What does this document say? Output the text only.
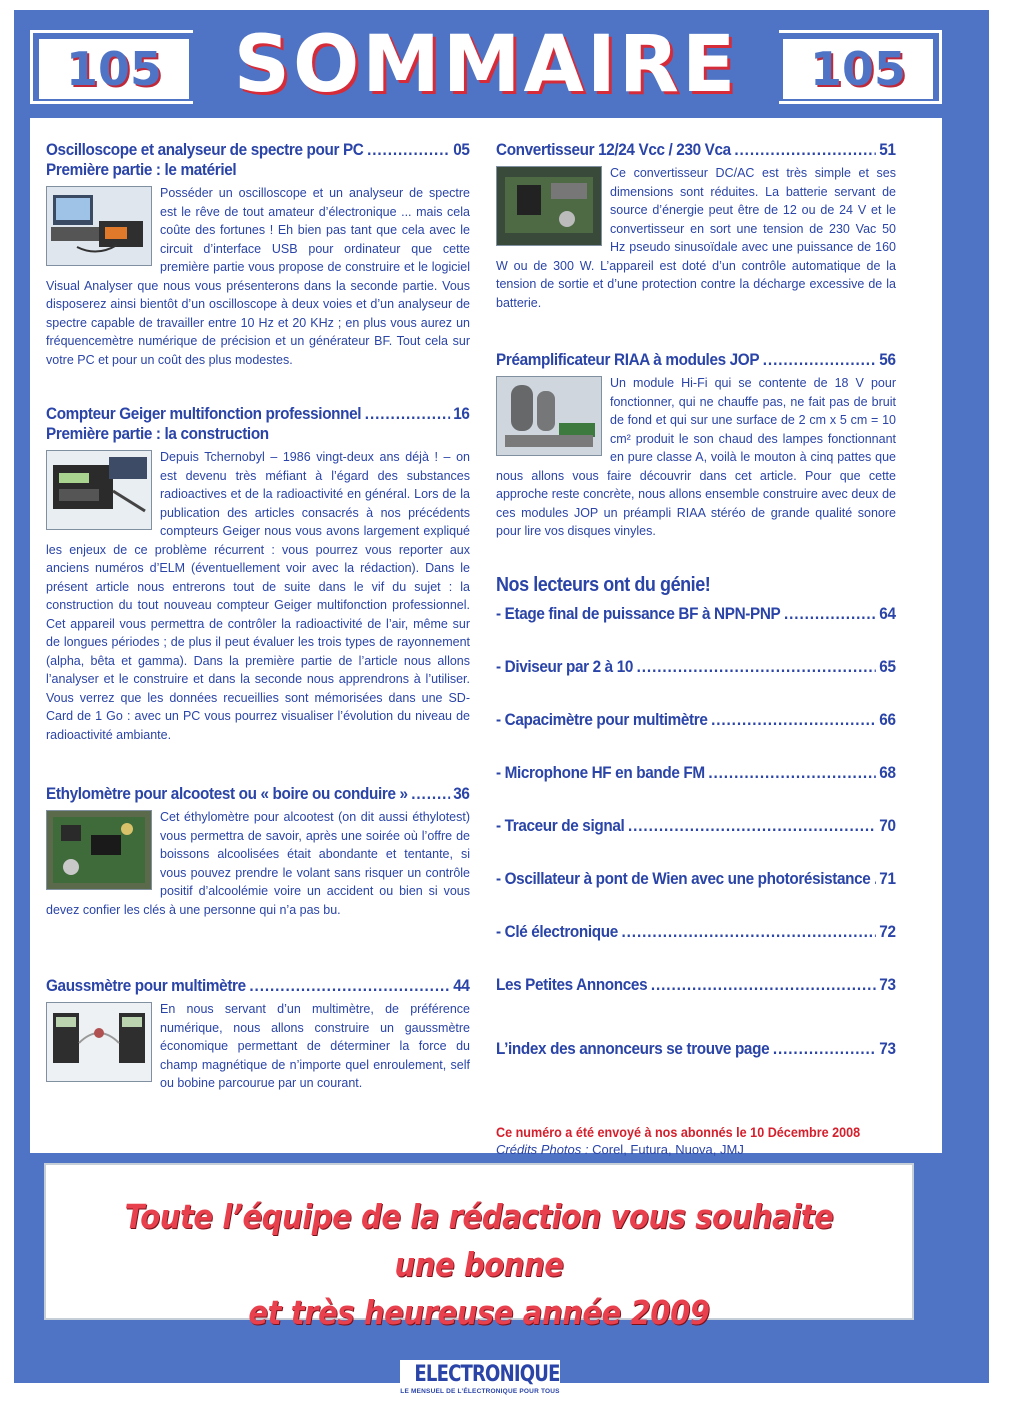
105 SOMMAIRE	105
Oscilloscope et analyseur de spectre pour PC .....	05
Première partie : le matériel
Posséder un oscilloscope et un analyseur de spectre est le rêve de tout amateur d’électronique ... mais cela coûte des fortunes ! Eh bien pas tant que cela avec le circuit d’interface USB pour ordinateur que cette première partie vous propose de construire et le logiciel Visual Analyser que nous vous présenterons dans la seconde partie. Vous disposerez ainsi bientôt d’un oscilloscope à deux voies et d’un analyseur de spectre capable de travailler entre 10 Hz et 20 KHz ; en plus vous aurez un fréquencemètre numérique de précision et un générateur BF. Tout cela sur votre PC et pour un coût des plus modestes.
Compteur Geiger multifonction professionnel .....	16
Première partie : la construction
Depuis Tchernobyl – 1986 vingt-deux ans déjà ! – on est devenu très méfiant à l’égard des substances radioactives et de la radioactivité en général. Lors de la publication des articles consacrés à nos précédents compteurs Geiger nous vous avons largement expliqué les enjeux de ce problème récurrent : vous pourrez vous reporter aux anciens numéros d’ELM (éventuellement voir avec la rédaction). Dans le présent article nous entrerons tout de suite dans le vif du sujet : la construction du tout nouveau compteur Geiger multifonction professionnel. Cet appareil vous permettra de contrôler la radioactivité de l’air, même sur de longues périodes ; de plus il peut évaluer les trois types de rayonnement (alpha, bêta et gamma). Dans la première partie de l’article nous allons l’analyser et le construire et dans la seconde nous apprendrons à l’utiliser. Vous verrez que les données recueillies sont mémorisées dans une SD-Card de 1 Go : avec un PC vous pourrez visualiser l’évolution du niveau de radioactivité ambiante.
Ethylomètre pour alcootest ou « boire ou conduire » .....	36
Cet éthylomètre pour alcootest (on dit aussi éthylotest) vous permettra de savoir, après une soirée où l’offre de boissons alcoolisées était abondante et tentante, si vous pouvez prendre le volant sans risquer un contrôle positif d’alcoolémie voire un accident ou bien si vous devez confier les clés à une personne qui n’a pas bu.
Gaussmètre pour multimètre .....	44
En nous servant d’un multimètre, de préférence numérique, nous allons construire un gaussmètre économique permettant de déterminer la force du champ magnétique de n’importe quel enroulement, self ou bobine parcourue par un courant.
Convertisseur 12/24 Vcc / 230 Vca .....	51
Ce convertisseur DC/AC est très simple et ses dimensions sont réduites. La batterie servant de source d’énergie peut être de 12 ou de 24 V et le convertisseur en sort une tension de 230 Vac 50 Hz pseudo sinusoïdale avec une puissance de 160 W ou de 300 W. L’appareil est doté d’un contrôle automatique de la tension de sortie et d’une protection contre la décharge excessive de la batterie.
Préamplificateur RIAA à modules JOP .....	56
Un module Hi-Fi qui se contente de 18 V pour fonctionner, qui ne chauffe pas, ne fait pas de bruit de fond et qui sur une surface de 2 cm x 5 cm = 10 cm² produit le son chaud des lampes fonctionnant en pure classe A, voilà le mouton à cinq pattes que nous allons vous faire découvrir dans cet article. Pour que cette approche reste concrète, nous allons ensemble construire avec deux de ces modules JOP un préampli RIAA stéréo de grande qualité sonore pour lire vos disques vinyles.
Nos lecteurs ont du génie!
- Etage final de puissance BF à NPN-PNP .....	64
- Diviseur par 2 à 10 .....	65
- Capacimètre pour multimètre .....	66
- Microphone HF en bande FM .....	68
- Traceur de signal .....	70
- Oscillateur à pont de Wien avec une photorésistance ..... 71
- Clé électronique .....	72
Les Petites Annonces .....	73
L’index des annonceurs se trouve page .....	73
Ce numéro a été envoyé à nos abonnés le 10 Décembre 2008
Crédits Photos : Corel, Futura, Nuova, JMJ
Toute l’équipe de la rédaction vous souhaite une bonne
et très heureuse année 2009
ELECTRONIQUE
LE MENSUEL DE L’ÉLECTRONIQUE POUR TOUS
